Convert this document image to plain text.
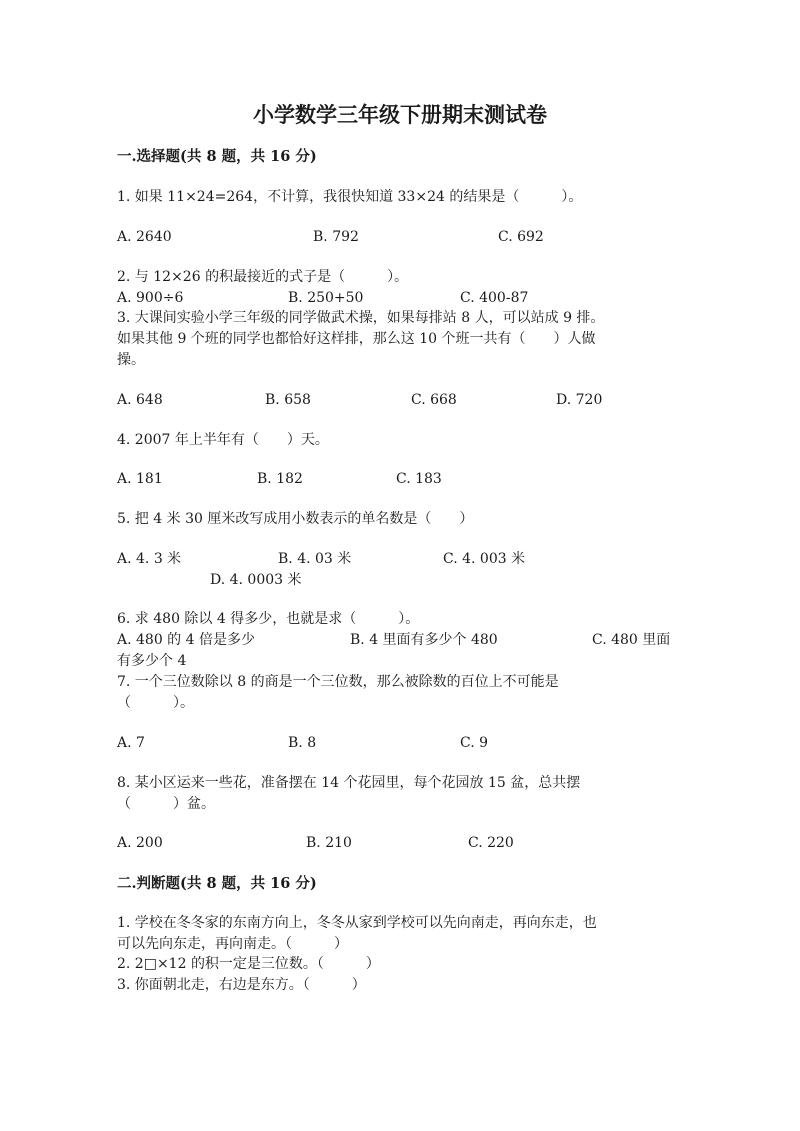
小学数学三年级下册期末测试卷
一.选择题(共 8 题，共 16 分)
1. 如果 11×24=264，不计算，我很快知道 33×24 的结果是（　　　）。
A. 2640	B. 792	C. 692
2. 与 12×26 的积最接近的式子是（　　　）。
A. 900÷6	B. 250+50	C. 400-87
3. 大课间实验小学三年级的同学做武术操，如果每排站 8 人，可以站成 9 排。
如果其他 9 个班的同学也都恰好这样排，那么这 10 个班一共有（　　）人做
操。
A. 648	B. 658	C. 668	D. 720
4. 2007 年上半年有（　　）天。
A. 181	B. 182	C. 183
5. 把 4 米 30 厘米改写成用小数表示的单名数是（　　）
A. 4. 3 米	B. 4. 03 米	C. 4. 003 米
D. 4. 0003 米
6. 求 480 除以 4 得多少，也就是求（　　　）。
A. 480 的 4 倍是多少	B. 4 里面有多少个 480	C. 480 里面
有多少个 4
7. 一个三位数除以 8 的商是一个三位数，那么被除数的百位上不可能是
（　　　）。
A. 7	B. 8	C. 9
8. 某小区运来一些花，准备摆在 14 个花园里，每个花园放 15 盆，总共摆
（　　　）盆。
A. 200	B. 210	C. 220
二.判断题(共 8 题，共 16 分)
1. 学校在冬冬家的东南方向上，冬冬从家到学校可以先向南走，再向东走，也
可以先向东走，再向南走。（　　　）
2. 2□×12 的积一定是三位数。（　　　）
3. 你面朝北走，右边是东方。（　　　）
